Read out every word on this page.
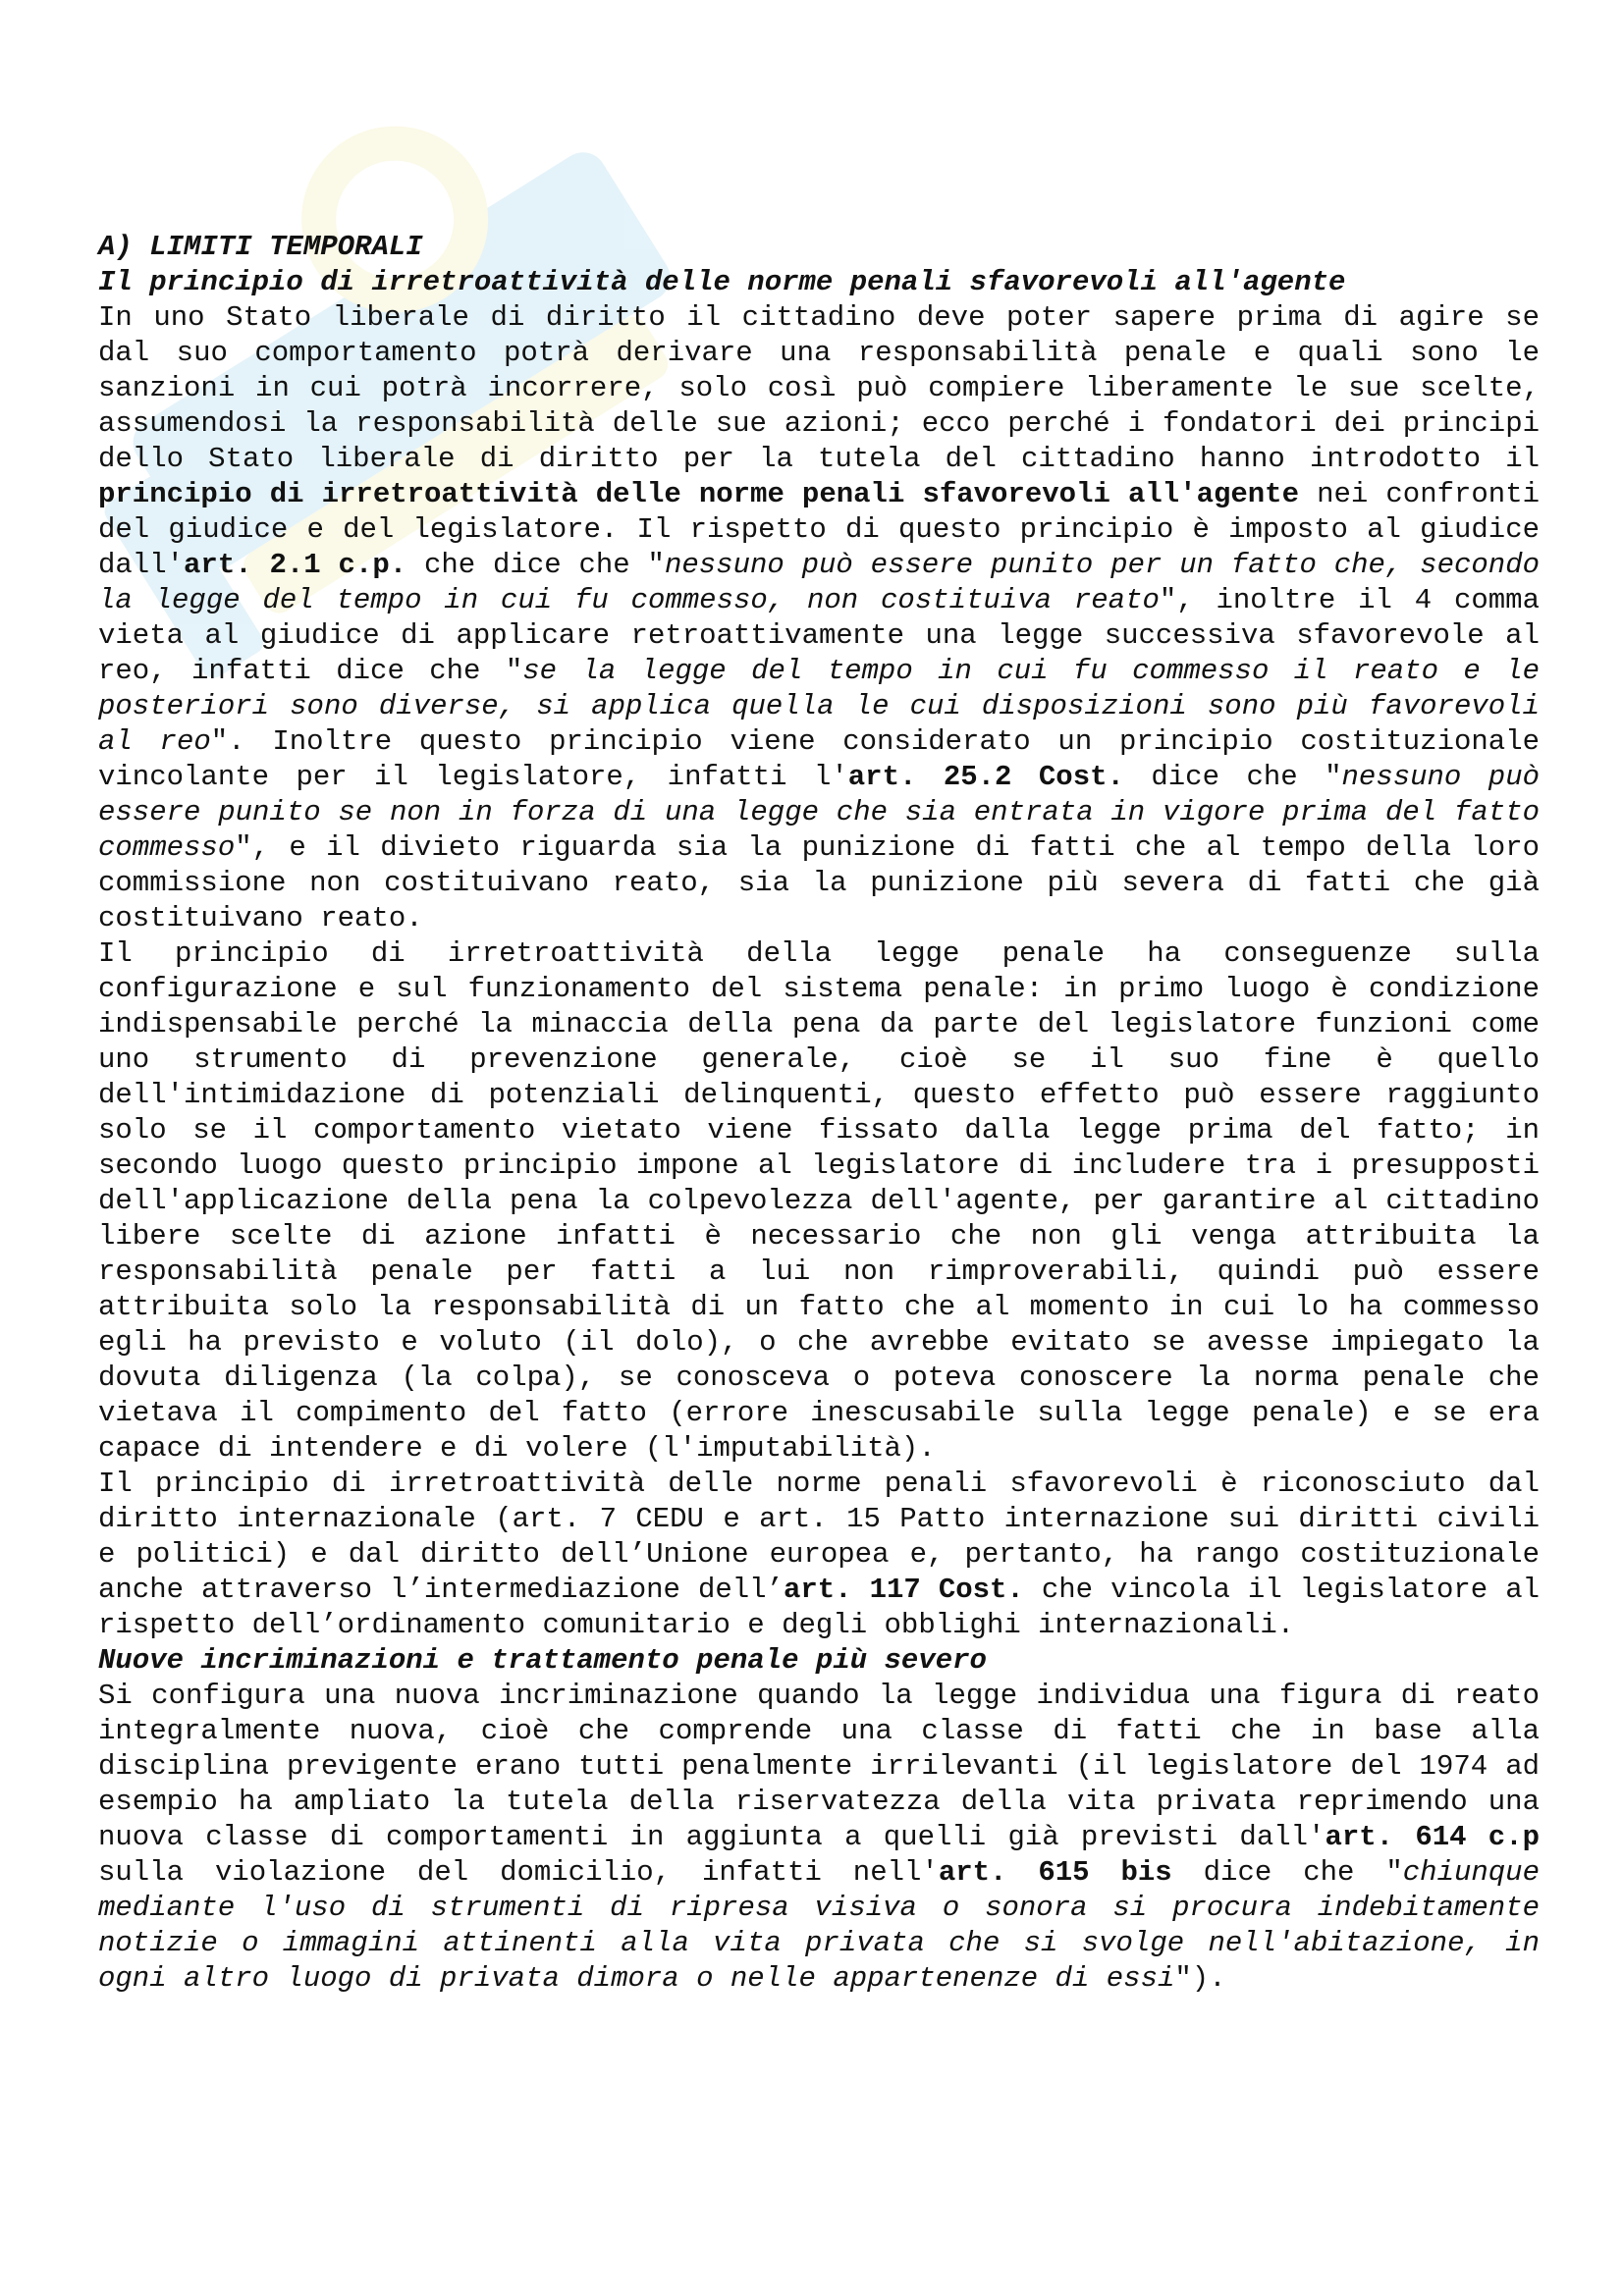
A) LIMITI TEMPORALI
Il principio di irretroattività delle norme penali sfavorevoli all'agente

In uno Stato liberale di diritto il cittadino deve poter sapere prima di agire se dal suo comportamento potrà derivare una responsabilità penale e quali sono le sanzioni in cui potrà incorrere, solo così può compiere liberamente le sue scelte, assumendosi la responsabilità delle sue azioni; ecco perché i fondatori dei principi dello Stato liberale di diritto per la tutela del cittadino hanno introdotto il principio di irretroattività delle norme penali sfavorevoli all'agente nei confronti del giudice e del legislatore. Il rispetto di questo principio è imposto al giudice dall'art. 2.1 c.p. che dice che "nessuno può essere punito per un fatto che, secondo la legge del tempo in cui fu commesso, non costituiva reato", inoltre il 4 comma vieta al giudice di applicare retroattivamente una legge successiva sfavorevole al reo, infatti dice che "se la legge del tempo in cui fu commesso il reato e le posteriori sono diverse, si applica quella le cui disposizioni sono più favorevoli al reo". Inoltre questo principio viene considerato un principio costituzionale vincolante per il legislatore, infatti l'art. 25.2 Cost. dice che "nessuno può essere punito se non in forza di una legge che sia entrata in vigore prima del fatto commesso", e il divieto riguarda sia la punizione di fatti che al tempo della loro commissione non costituivano reato, sia la punizione più severa di fatti che già costituivano reato.

Il principio di irretroattività della legge penale ha conseguenze sulla configurazione e sul funzionamento del sistema penale: in primo luogo è condizione indispensabile perché la minaccia della pena da parte del legislatore funzioni come uno strumento di prevenzione generale, cioè se il suo fine è quello dell'intimidazione di potenziali delinquenti, questo effetto può essere raggiunto solo se il comportamento vietato viene fissato dalla legge prima del fatto; in secondo luogo questo principio impone al legislatore di includere tra i presupposti dell'applicazione della pena la colpevolezza dell'agente, per garantire al cittadino libere scelte di azione infatti è necessario che non gli venga attribuita la responsabilità penale per fatti a lui non rimproverabili, quindi può essere attribuita solo la responsabilità di un fatto che al momento in cui lo ha commesso egli ha previsto e voluto (il dolo), o che avrebbe evitato se avesse impiegato la dovuta diligenza (la colpa), se conosceva o poteva conoscere la norma penale che vietava il compimento del fatto (errore inescusabile sulla legge penale) e se era capace di intendere e di volere (l'imputabilità).

Il principio di irretroattività delle norme penali sfavorevoli è riconosciuto dal diritto internazionale (art. 7 CEDU e art. 15 Patto internazione sui diritti civili e politici) e dal diritto dell’Unione europea e, pertanto, ha rango costituzionale anche attraverso l’intermediazione dell’art. 117 Cost. che vincola il legislatore al rispetto dell’ordinamento comunitario e degli obblighi internazionali.

Nuove incriminazioni e trattamento penale più severo

Si configura una nuova incriminazione quando la legge individua una figura di reato integralmente nuova, cioè che comprende una classe di fatti che in base alla disciplina previgente erano tutti penalmente irrilevanti (il legislatore del 1974 ad esempio ha ampliato la tutela della riservatezza della vita privata reprimendo una nuova classe di comportamenti in aggiunta a quelli già previsti dall'art. 614 c.p sulla violazione del domicilio, infatti nell'art. 615 bis dice che "chiunque mediante l'uso di strumenti di ripresa visiva o sonora si procura indebitamente notizie o immagini attinenti alla vita privata che si svolge nell'abitazione, in ogni altro luogo di privata dimora o nelle appartenenze di essi").
